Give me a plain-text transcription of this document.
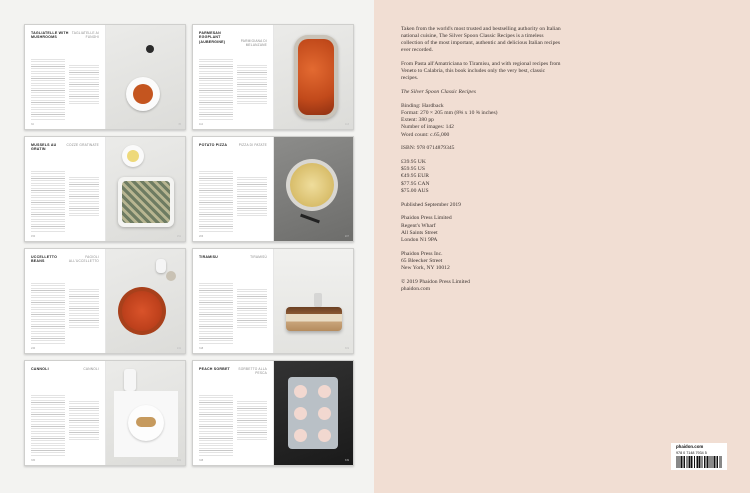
TAGLIATELLE WITH MUSHROOMS
TAGLIATELLE AI FUNGHI
34	35
PARMESAN EGGPLANT (AUBERGINE)	PARMIGIANA DI MELANZANE
112	113
MUSSELS AU GRATIN
COZZE GRATINATE
150	151
POTATO PIZZA	PIZZA DI PATATE
206	207
UCCELLETTO BEANS
FAGIOLI ALL'UCCELLETTO
240	241
TIRAMISU	TIRAMISÙ
318	319
CANNOLI	CANNOLI
330	331
PEACH SORBET	SORBETTO ALLA PESCA
348	349

Taken from the world's most trusted and bestselling authority on Italian national cuisine, The Silver Spoon Classic Recipes is a timeless collection of the most important, authentic and delicious Italian recipes ever recorded.

From Pasta all'Amatriciana to Tiramisu, and with regional recipes from Veneto to Calabria, this book includes only the very best, classic recipes.

The Silver Spoon Classic Recipes

Binding: Hardback
Format: 270 × 205 mm (8⅝ x 10 ⅝ inches)
Extent: 380 pp
Number of images: 142
Word count: c.65,000

ISBN: 978 0714879345

£39.95 UK
$59.95 US
€49.95 EUR
$77.95 CAN
$75.00 AUS

Published September 2019

Phaidon Press Limited
Regent's Wharf
All Saints Street
London N1 9PA

Phaidon Press Inc.
65 Bleecker Street
New York, NY 10012

© 2019 Phaidon Press Limited
phaidon.com

phaidon.com
978 0 7148 7934 5
